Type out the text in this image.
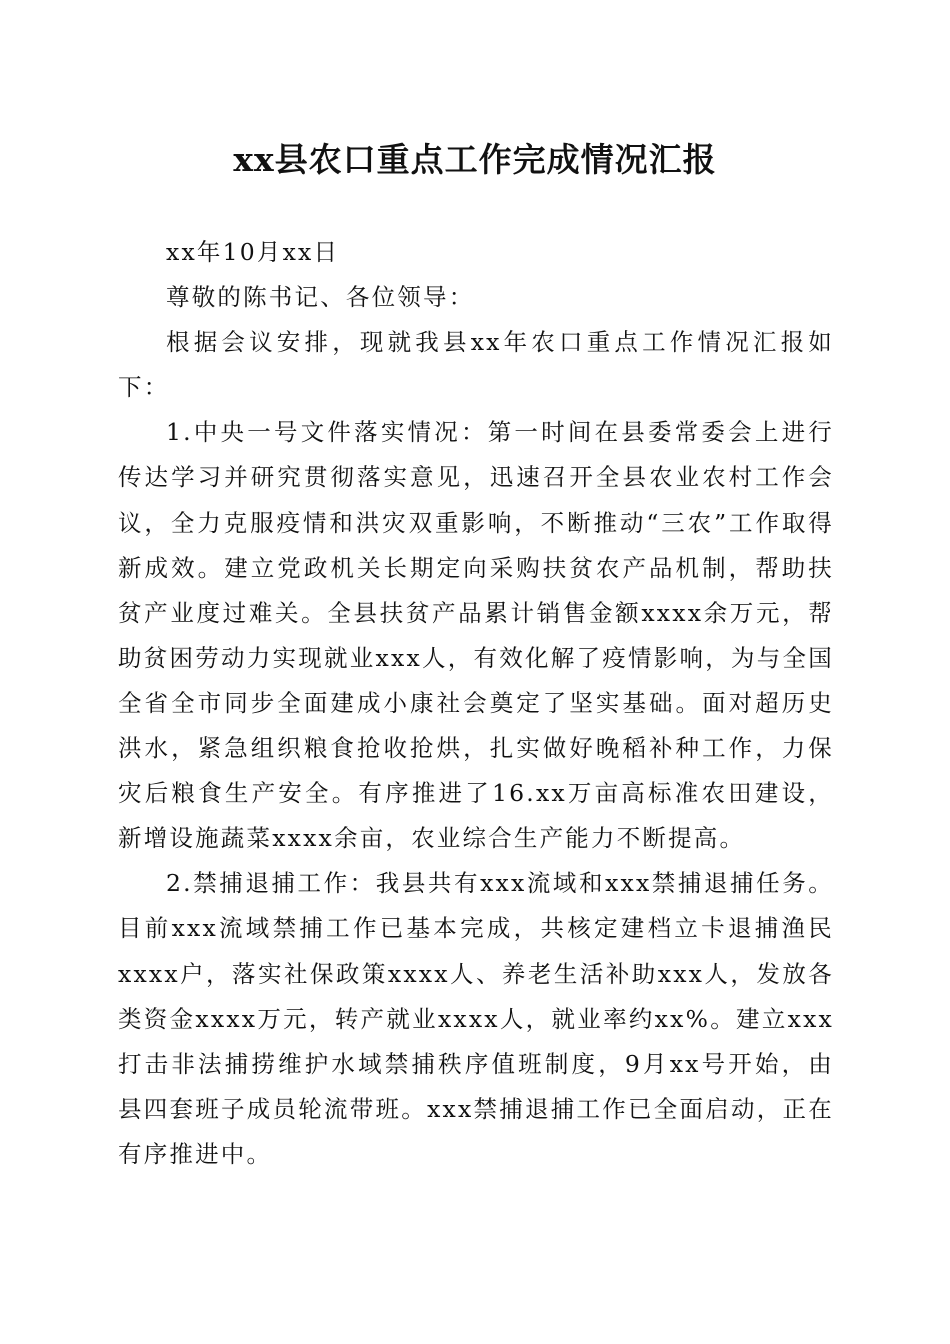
xx县农口重点工作完成情况汇报

xx年10月xx日

尊敬的陈书记、各位领导：

根据会议安排，现就我县xx年农口重点工作情况汇报如下：

1.中央一号文件落实情况：第一时间在县委常委会上进行传达学习并研究贯彻落实意见，迅速召开全县农业农村工作会议，全力克服疫情和洪灾双重影响，不断推动“三农”工作取得新成效。建立党政机关长期定向采购扶贫农产品机制，帮助扶贫产业度过难关。全县扶贫产品累计销售金额xxxx余万元，帮助贫困劳动力实现就业xxx人，有效化解了疫情影响，为与全国全省全市同步全面建成小康社会奠定了坚实基础。面对超历史洪水，紧急组织粮食抢收抢烘，扎实做好晚稻补种工作，力保灾后粮食生产安全。有序推进了16.xx万亩高标准农田建设，新增设施蔬菜xxxx余亩，农业综合生产能力不断提高。

2.禁捕退捕工作：我县共有xxx流域和xxx禁捕退捕任务。目前xxx流域禁捕工作已基本完成，共核定建档立卡退捕渔民xxxx户，落实社保政策xxxx人、养老生活补助xxx人，发放各类资金xxxx万元，转产就业xxxx人，就业率约xx%。建立xxx打击非法捕捞维护水域禁捕秩序值班制度，9月xx号开始，由县四套班子成员轮流带班。xxx禁捕退捕工作已全面启动，正在有序推进中。
